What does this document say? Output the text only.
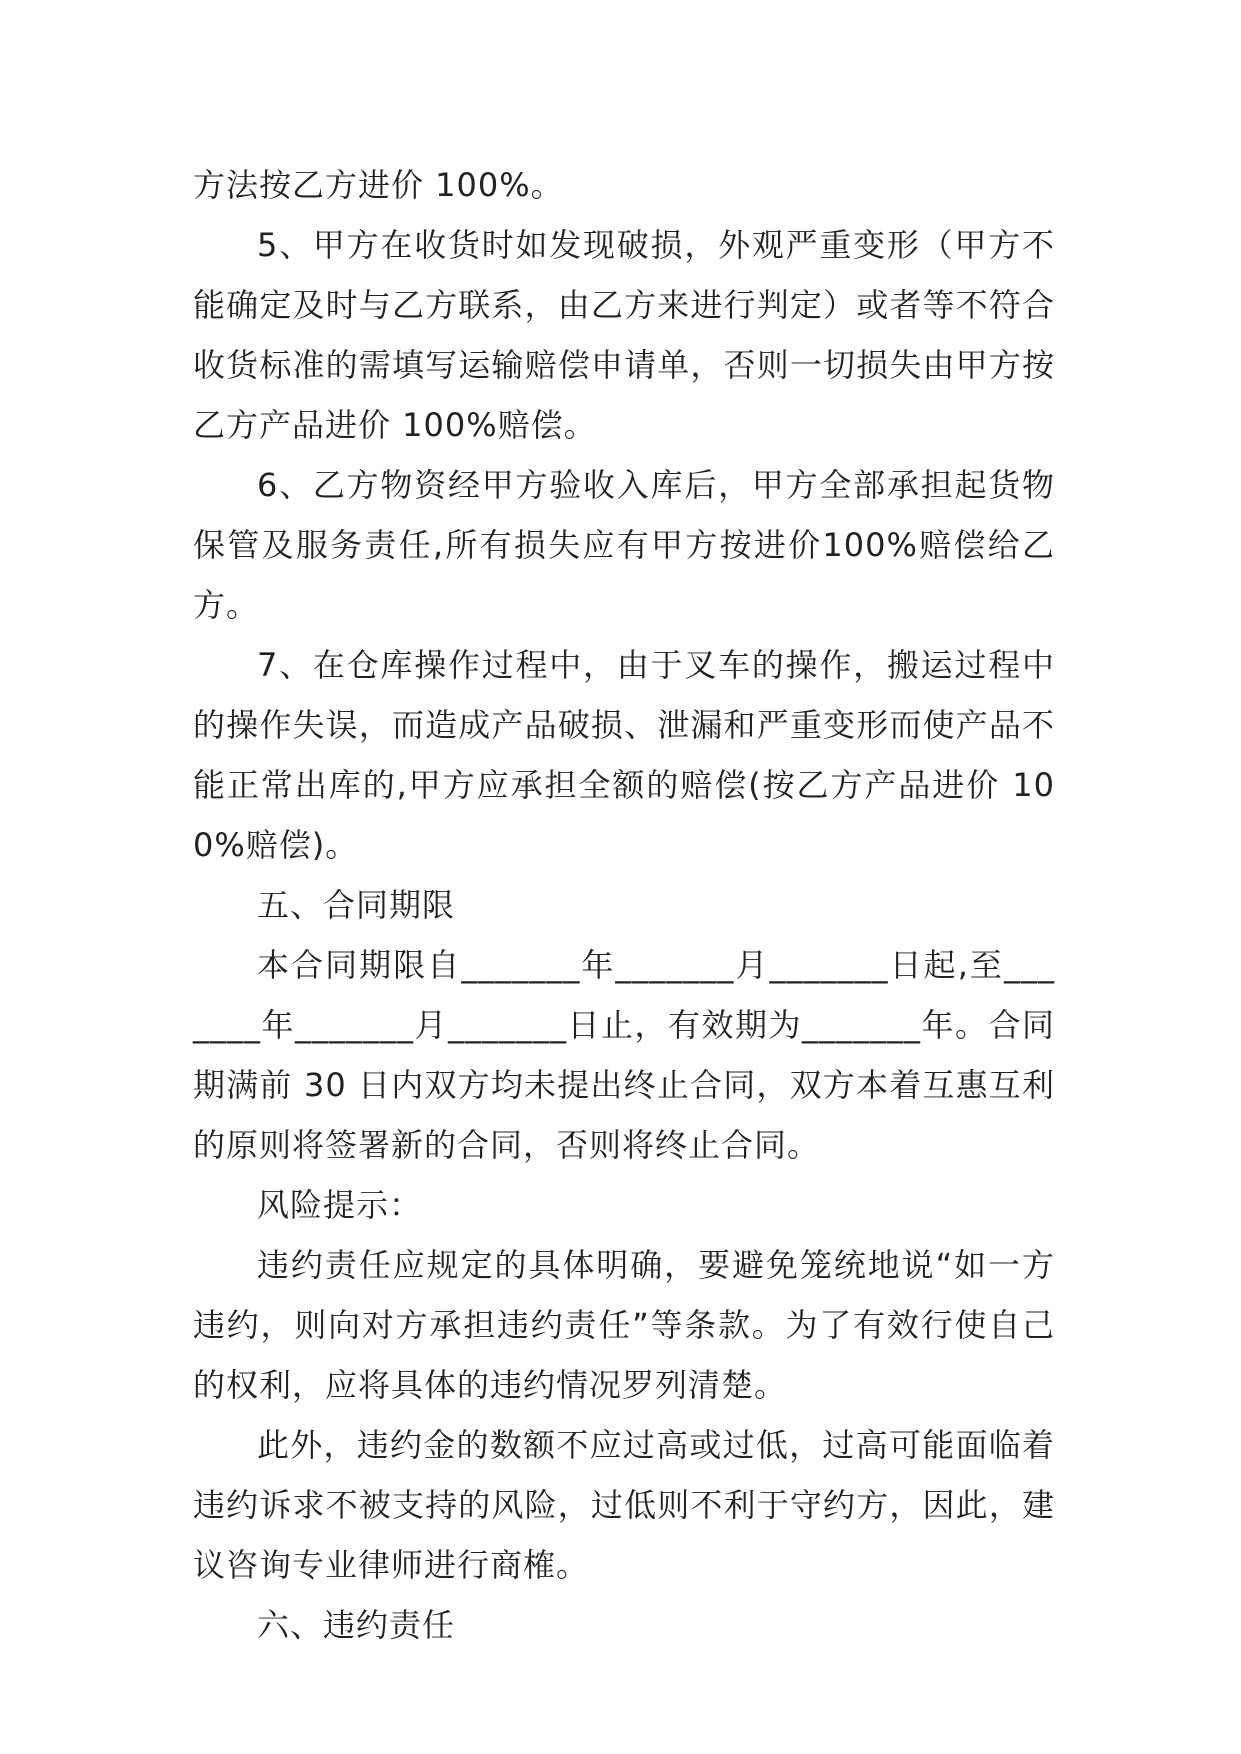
方法按乙方进价 100%。

5、甲方在收货时如发现破损，外观严重变形（甲方不能确定及时与乙方联系，由乙方来进行判定）或者等不符合收货标准的需填写运输赔偿申请单，否则一切损失由甲方按乙方产品进价 100%赔偿。

6、乙方物资经甲方验收入库后，甲方全部承担起货物保管及服务责任,所有损失应有甲方按进价100%赔偿给乙方。

7、在仓库操作过程中，由于叉车的操作，搬运过程中的操作失误，而造成产品破损、泄漏和严重变形而使产品不能正常出库的,甲方应承担全额的赔偿(按乙方产品进价 100%赔偿)。

五、合同期限

本合同期限自_______年_______月_______日起,至_______年_______月_______日止，有效期为_______年。合同期满前 30 日内双方均未提出终止合同，双方本着互惠互利的原则将签署新的合同，否则将终止合同。

风险提示：

违约责任应规定的具体明确，要避免笼统地说“如一方违约，则向对方承担违约责任”等条款。为了有效行使自己的权利，应将具体的违约情况罗列清楚。

此外，违约金的数额不应过高或过低，过高可能面临着违约诉求不被支持的风险，过低则不利于守约方，因此，建议咨询专业律师进行商榷。

六、违约责任
